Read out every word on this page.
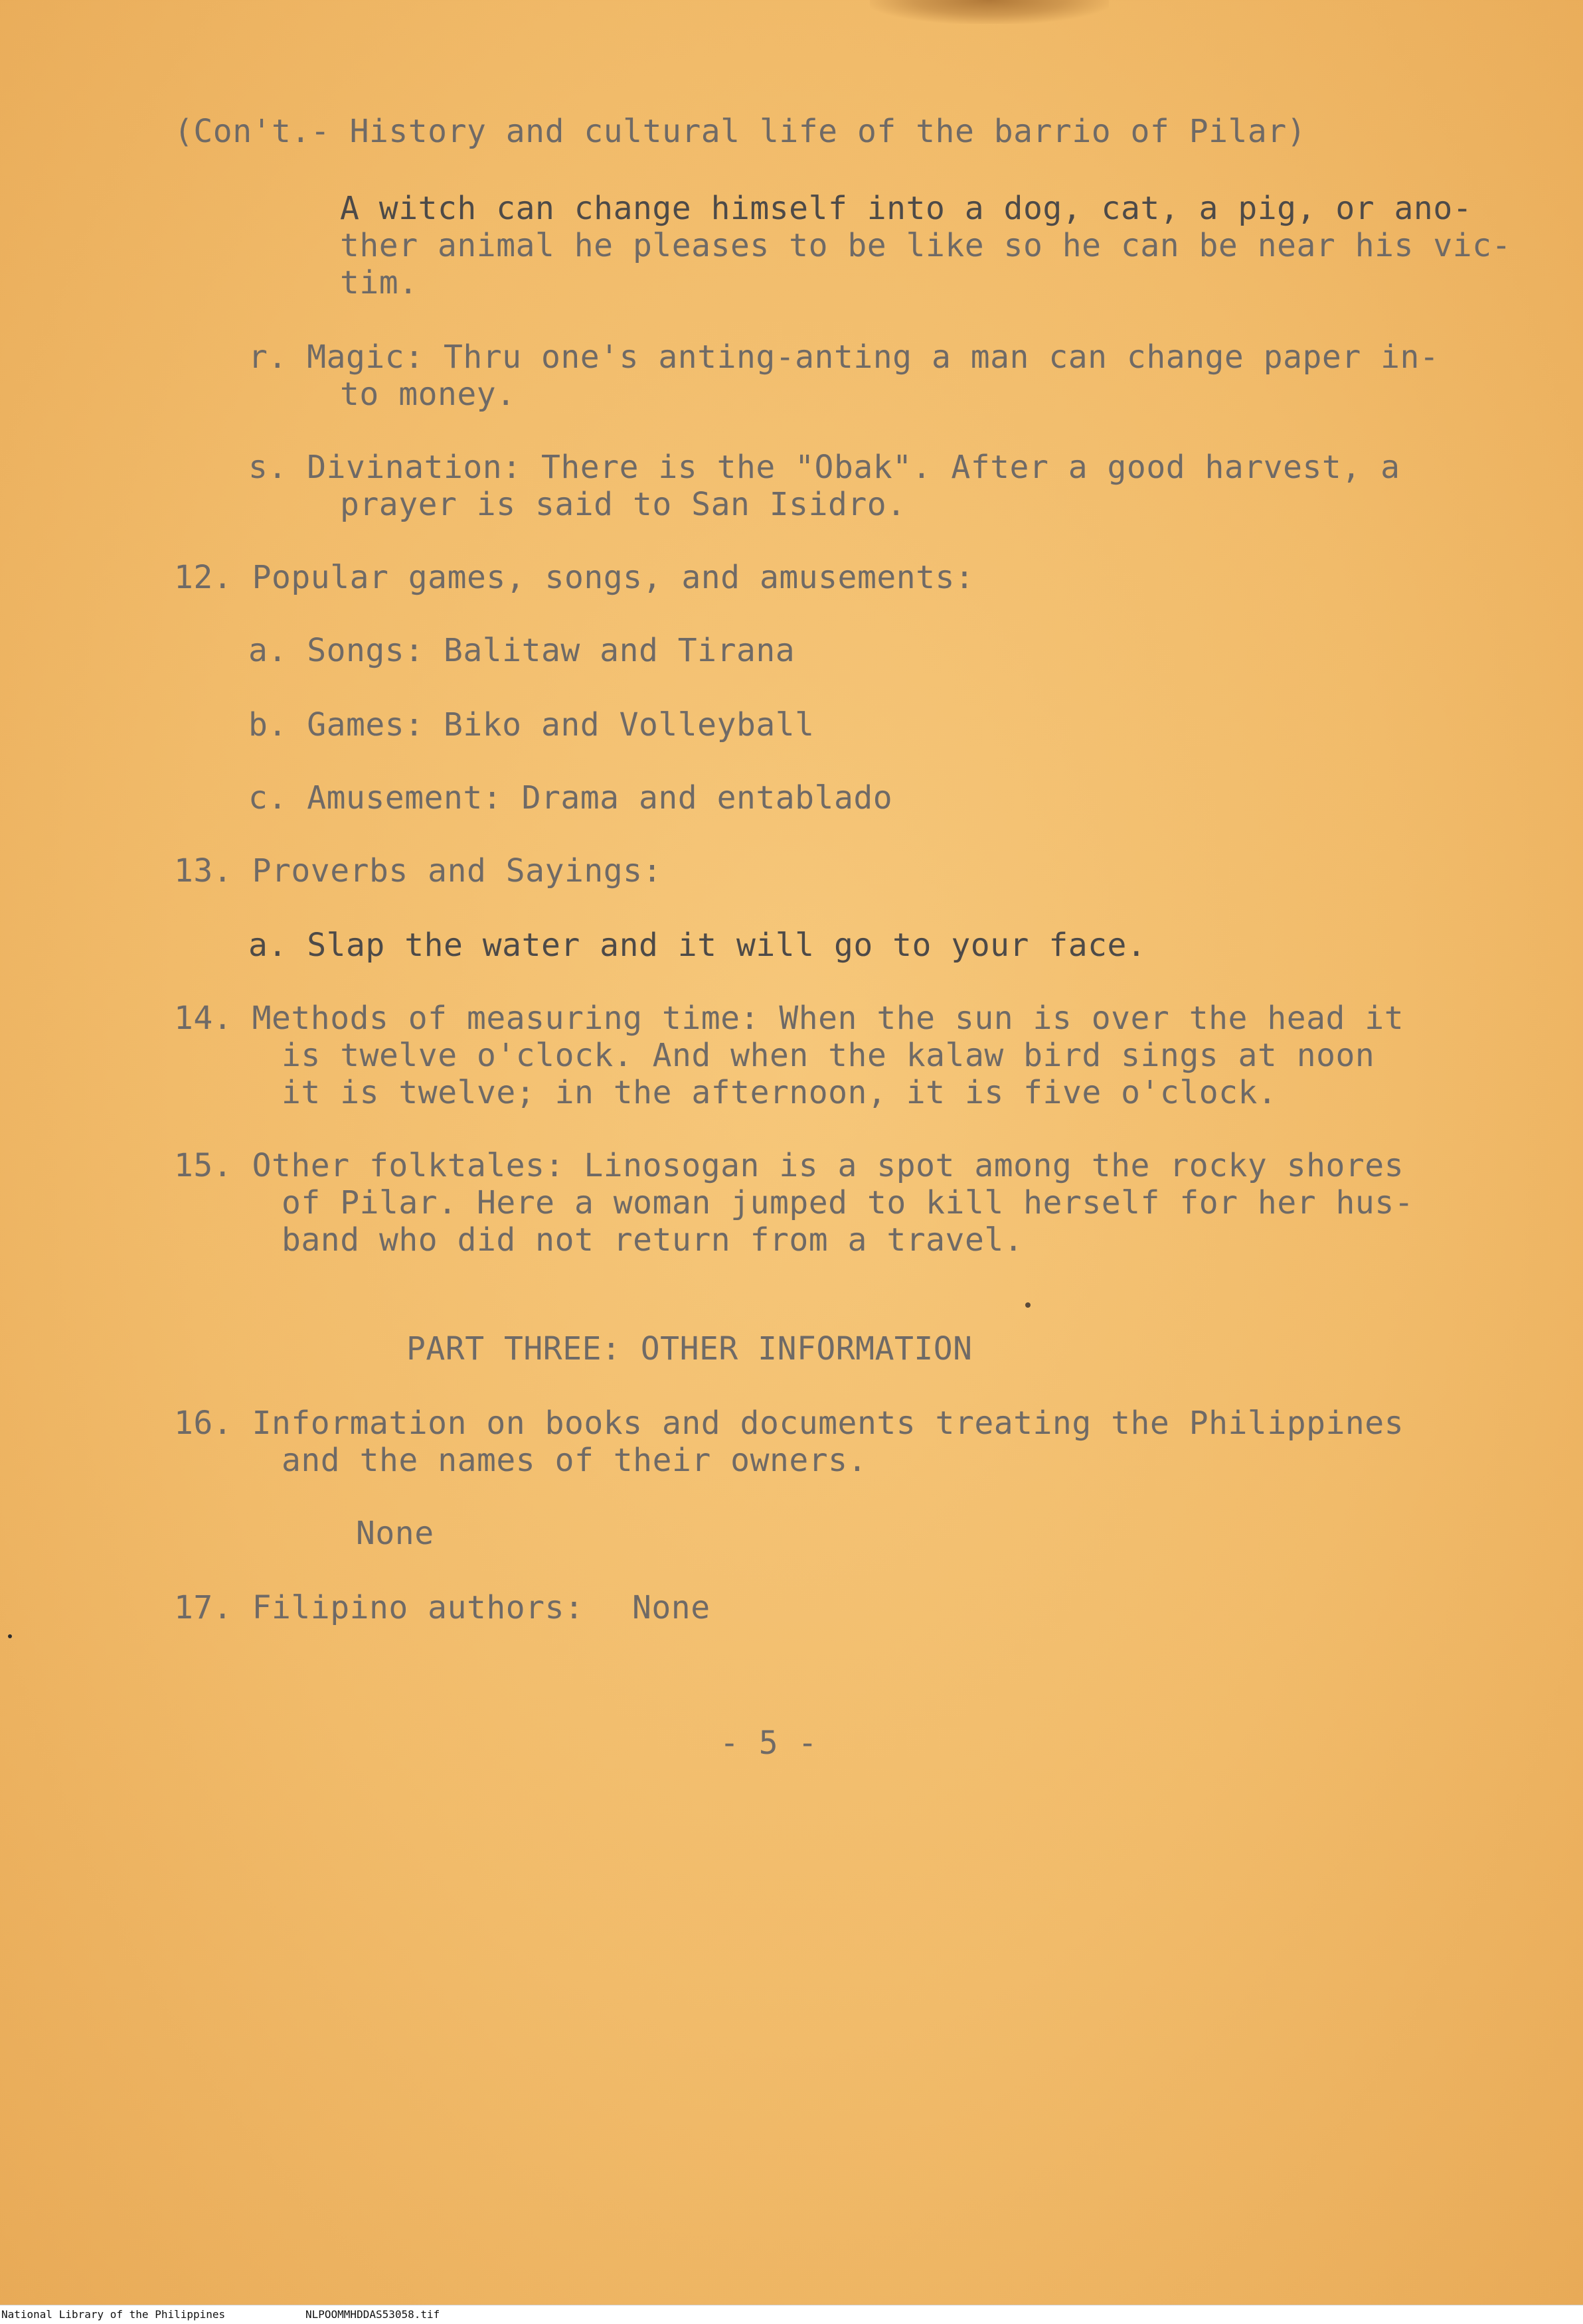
(Con't.- History and cultural life of the barrio of Pilar)
A witch can change himself into a dog, cat, a pig, or ano-
ther animal he pleases to be like so he can be near his vic-
tim.
r. Magic: Thru one's anting-anting a man can change paper in-
to money.
s. Divination: There is the "Obak". After a good harvest, a
prayer is said to San Isidro.
12. Popular games, songs, and amusements:
a. Songs: Balitaw and Tirana
b. Games: Biko and Volleyball
c. Amusement: Drama and entablado
13. Proverbs and Sayings:
a. Slap the water and it will go to your face.
14. Methods of measuring time: When the sun is over the head it
is twelve o'clock. And when the kalaw bird sings at noon
it is twelve; in the afternoon, it is five o'clock.
15. Other folktales: Linosogan is a spot among the rocky shores
of Pilar. Here a woman jumped to kill herself for her hus-
band who did not return from a travel.
PART THREE: OTHER INFORMATION
16. Information on books and documents treating the Philippines
and the names of their owners.
None
17. Filipino authors: None
- 5 -
National Library of the Philippines	NLPOOMMHDDAS53058.tif
